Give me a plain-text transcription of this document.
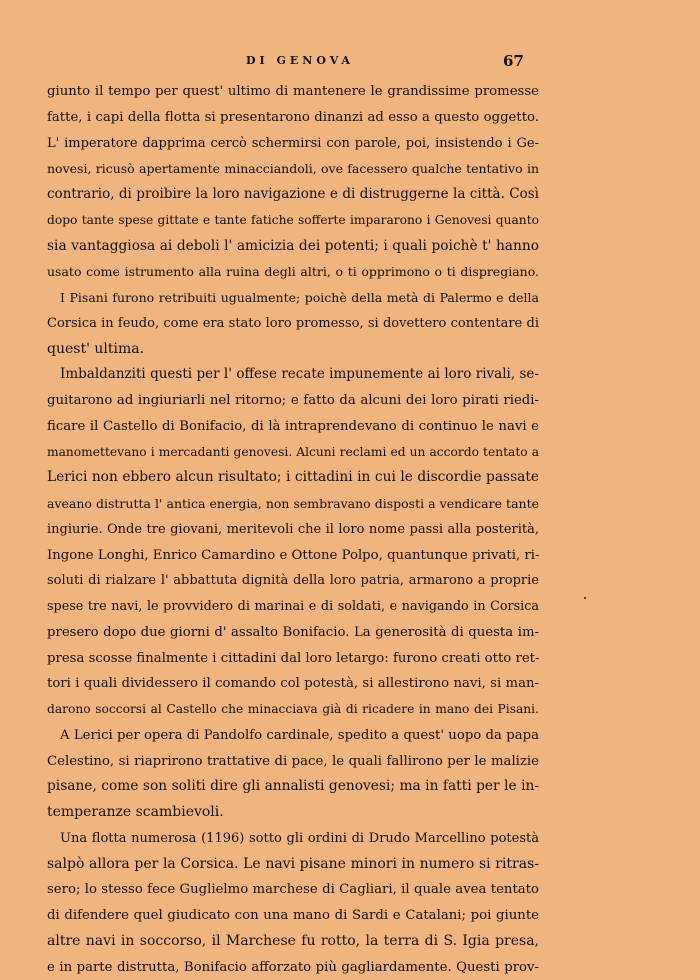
DI GENOVA	67
giunto il tempo per quest' ultimo di mantenere le grandissime promesse
fatte, i capi della flotta si presentarono dinanzi ad esso a questo oggetto.
L' imperatore dapprima cercò schermirsi con parole, poi, insistendo i Ge-
novesi, ricusò apertamente minacciandoli, ove facessero qualche tentativo in
contrario, di proibire la loro navigazione e di distruggerne la città. Così
dopo tante spese gittate e tante fatiche sofferte impararono i Genovesi quanto
sia vantaggiosa ai deboli l' amicizia dei potenti; i quali poichè t' hanno
usato come istrumento alla ruina degli altri, o ti opprimono o ti dispregiano.
I Pisani furono retribuiti ugualmente; poichè della metà di Palermo e della
Corsica in feudo, come era stato loro promesso, si dovettero contentare di
quest' ultima.
Imbaldanziti questi per l' offese recate impunemente ai loro rivali, se-
guitarono ad ingiuriarli nel ritorno; e fatto da alcuni dei loro pirati riedi-
ficare il Castello di Bonifacio, di là intraprendevano di continuo le navi e
manomettevano i mercadanti genovesi. Alcuni reclami ed un accordo tentato a
Lerici non ebbero alcun risultato; i cittadini in cui le discordie passate
aveano distrutta l' antica energia, non sembravano disposti a vendicare tante
ingiurie. Onde tre giovani, meritevoli che il loro nome passi alla posterità,
Ingone Longhi, Enrico Camardino e Ottone Polpo, quantunque privati, ri-
soluti di rialzare l' abbattuta dignità della loro patria, armarono a proprie
spese tre navi, le provvidero di marinai e di soldati, e navigando in Corsica
presero dopo due giorni d' assalto Bonifacio. La generosità di questa im-
presa scosse finalmente i cittadini dal loro letargo: furono creati otto ret-
tori i quali dividessero il comando col potestà, si allestirono navi, si man-
darono soccorsi al Castello che minacciava già di ricadere in mano dei Pisani.
A Lerici per opera di Pandolfo cardinale, spedito a quest' uopo da papa
Celestino, si riaprirono trattative di pace, le quali fallirono per le malizie
pisane, come son soliti dire gli annalisti genovesi; ma in fatti per le in-
temperanze scambievoli.
Una flotta numerosa (1196) sotto gli ordini di Drudo Marcellino potestà
salpò allora per la Corsica. Le navi pisane minori in numero si ritras-
sero; lo stesso fece Guglielmo marchese di Cagliari, il quale avea tentato
di difendere quel giudicato con una mano di Sardi e Catalani; poi giunte
altre navi in soccorso, il Marchese fu rotto, la terra di S. Igia presa,
e in parte distrutta, Bonifacio afforzato più gagliardamente. Questi prov-
